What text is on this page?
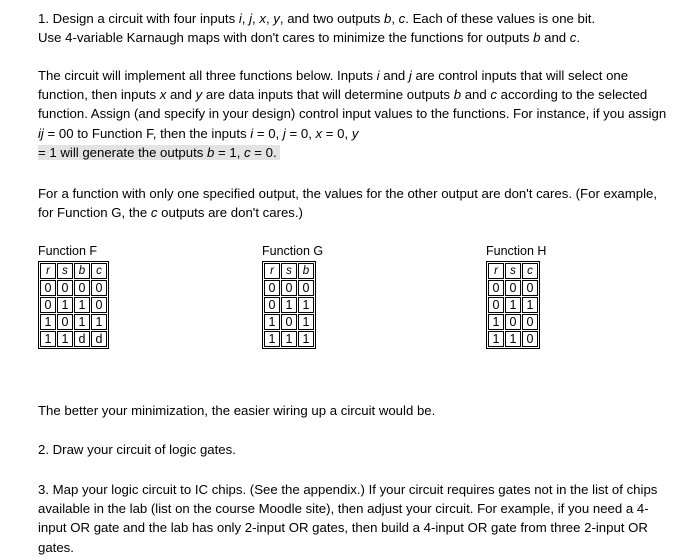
1. Design a circuit with four inputs i, j, x, y, and two outputs b, c. Each of these values is one bit.
Use 4-variable Karnaugh maps with don't cares to minimize the functions for outputs b and c.

The circuit will implement all three functions below. Inputs i and j are control inputs that will select one function, then inputs x and y are data inputs that will determine outputs b and c according to the selected function. Assign (and specify in your design) control input values to the functions. For instance, if you assign ij = 00 to Function F, then the inputs i = 0, j = 0, x = 0, y
= 1 will generate the outputs b = 1, c = 0.

For a function with only one specified output, the values for the other output are don't cares. (For example, for Function G, the c outputs are don't cares.)

Function F
r	s	b	c
0	0	0	0
0	1	1	0
1	0	1	1
1	1	d	d
Function G
r	s	b
0	0	0
0	1	1
1	0	1
1	1	1
Function H
r	s	c
0	0	0
0	1	1
1	0	0
1	1	0

The better your minimization, the easier wiring up a circuit would be.

2. Draw your circuit of logic gates.

3. Map your logic circuit to IC chips. (See the appendix.) If your circuit requires gates not in the list of chips available in the lab (list on the course Moodle site), then adjust your circuit. For example, if you need a 4-input OR gate and the lab has only 2-input OR gates, then build a 4-input OR gate from three 2-input OR gates.
